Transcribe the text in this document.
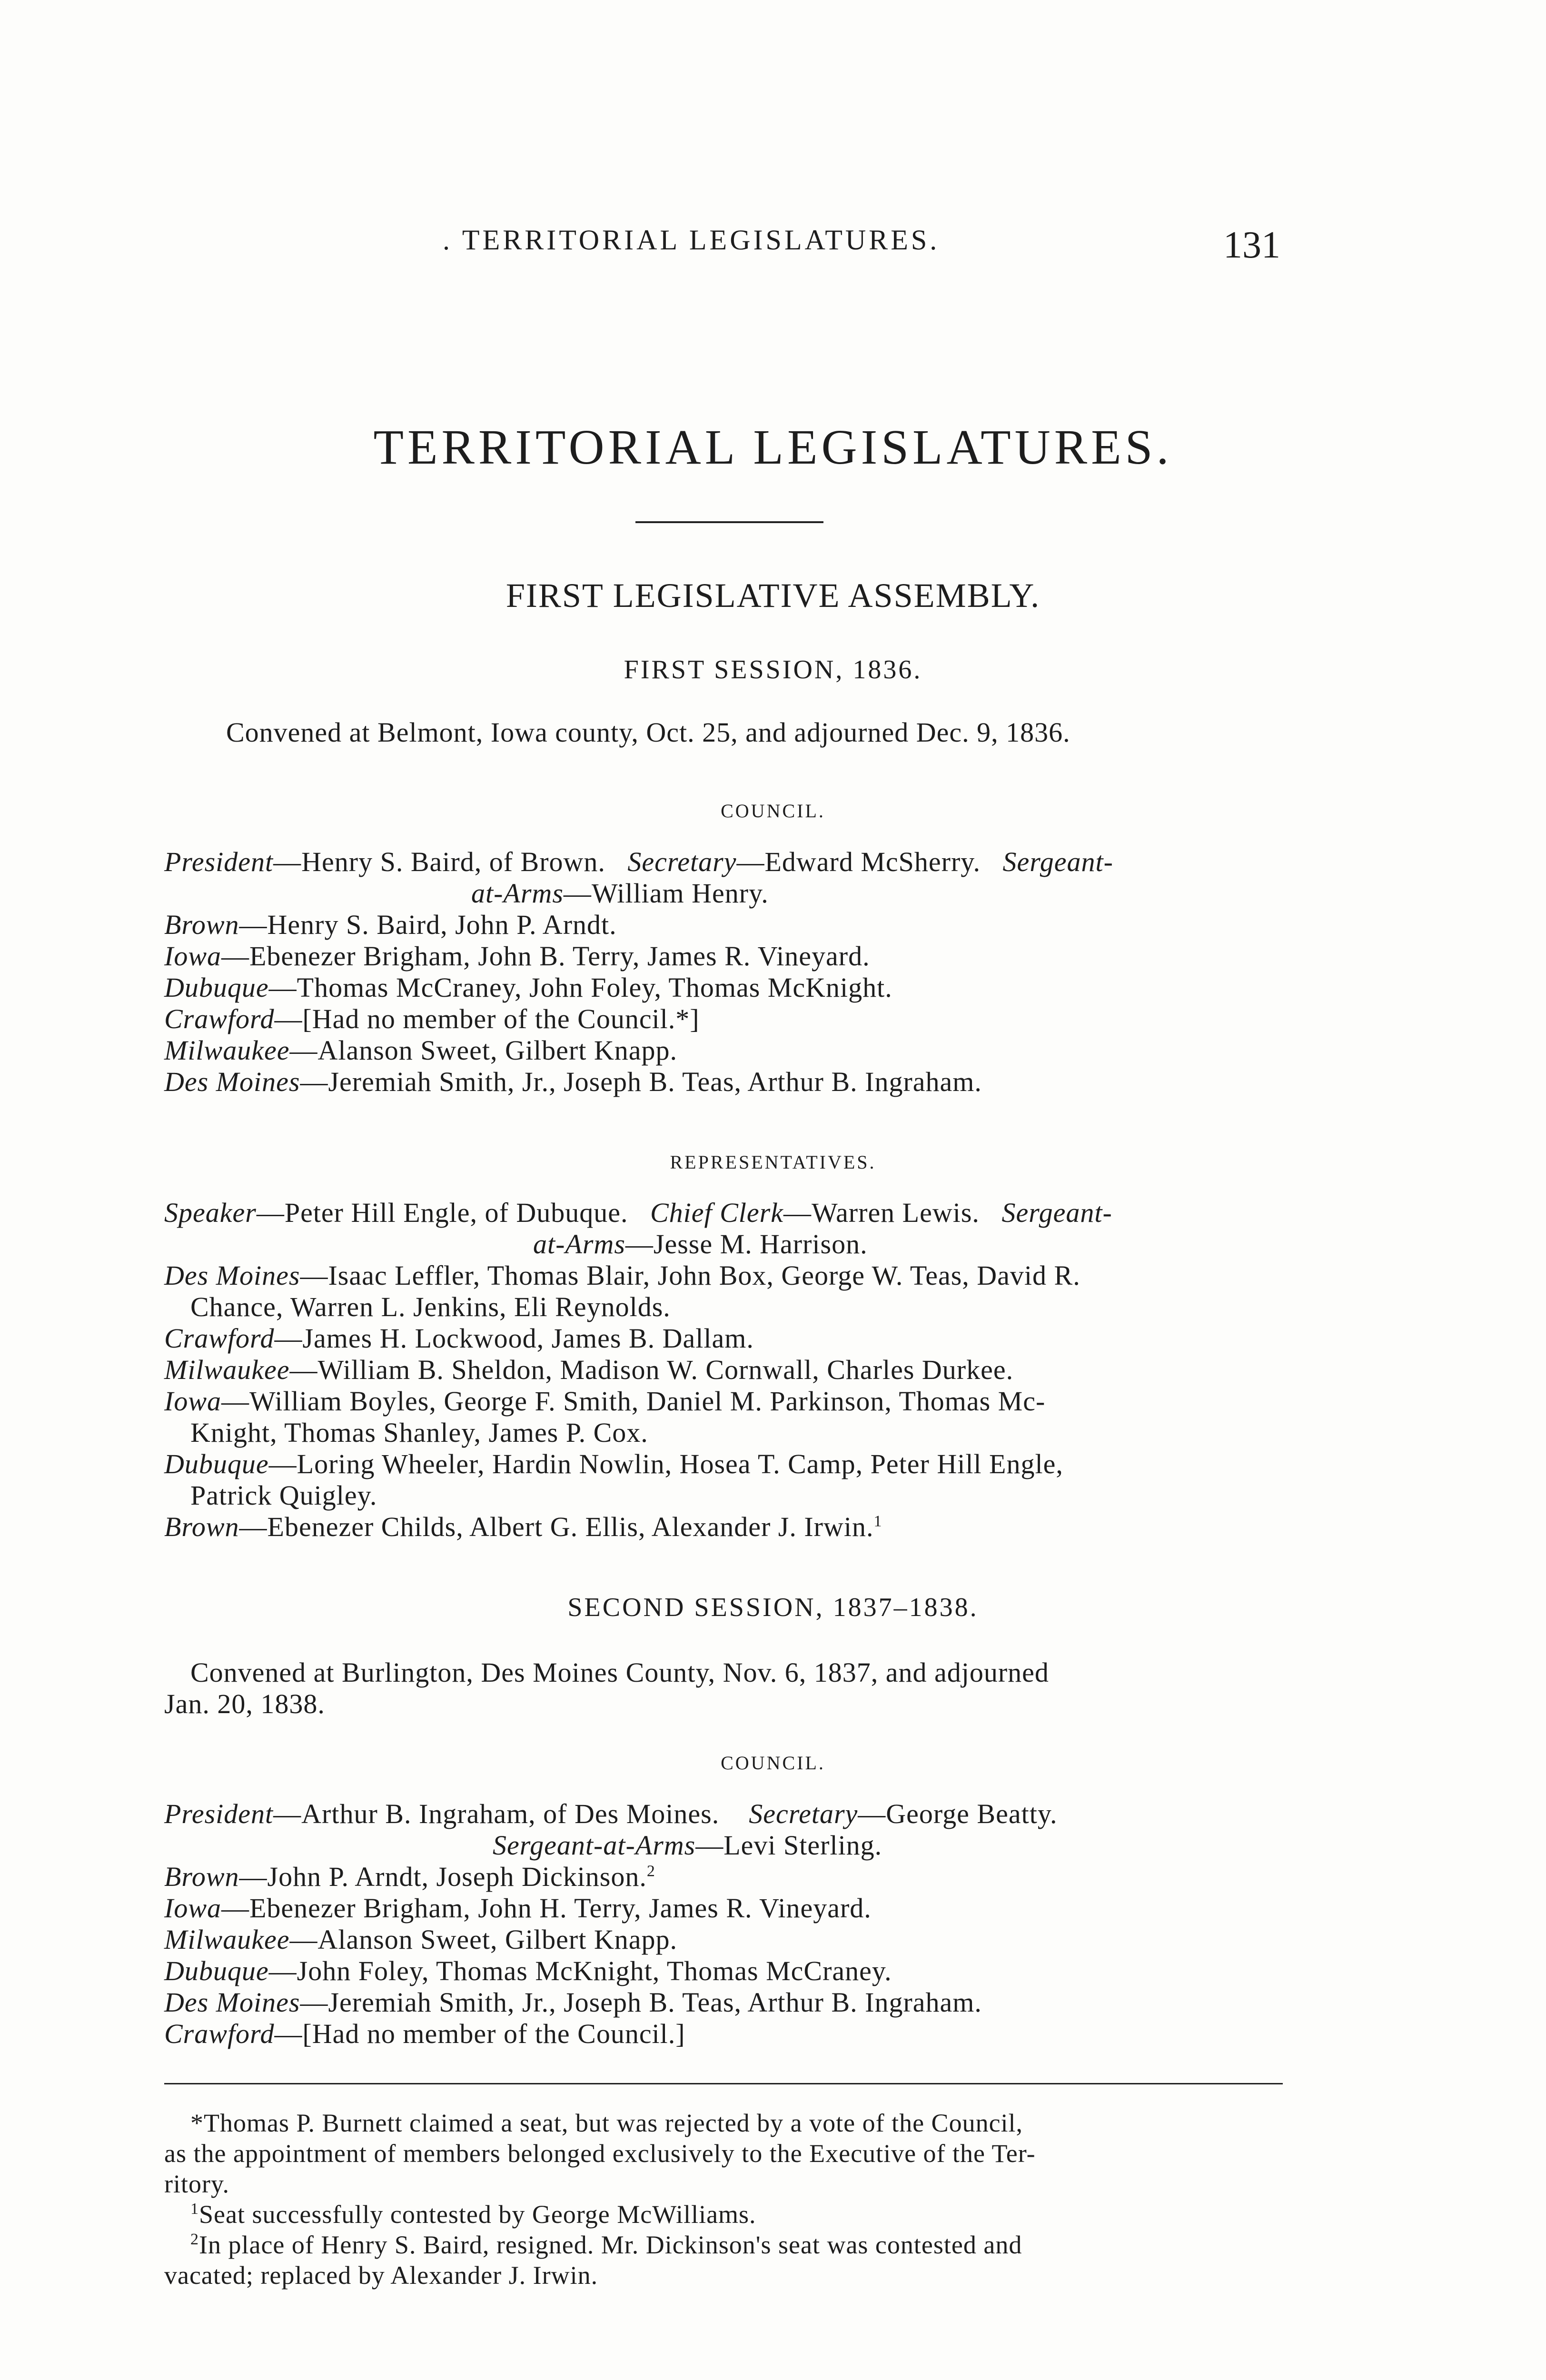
. TERRITORIAL LEGISLATURES.	131
TERRITORIAL LEGISLATURES.
FIRST LEGISLATIVE ASSEMBLY.
FIRST SESSION, 1836.
Convened at Belmont, Iowa county, Oct. 25, and adjourned Dec. 9, 1836.
COUNCIL.
President—Henry S. Baird, of Brown. Secretary—Edward McSherry. Sergeant-
at-Arms—William Henry.
Brown—Henry S. Baird, John P. Arndt.
Iowa—Ebenezer Brigham, John B. Terry, James R. Vineyard.
Dubuque—Thomas McCraney, John Foley, Thomas McKnight.
Crawford—[Had no member of the Council.*]
Milwaukee—Alanson Sweet, Gilbert Knapp.
Des Moines—Jeremiah Smith, Jr., Joseph B. Teas, Arthur B. Ingraham.
REPRESENTATIVES.
Speaker—Peter Hill Engle, of Dubuque. Chief Clerk—Warren Lewis. Sergeant-
at-Arms—Jesse M. Harrison.
Des Moines—Isaac Leffler, Thomas Blair, John Box, George W. Teas, David R.
Chance, Warren L. Jenkins, Eli Reynolds.
Crawford—James H. Lockwood, James B. Dallam.
Milwaukee—William B. Sheldon, Madison W. Cornwall, Charles Durkee.
Iowa—William Boyles, George F. Smith, Daniel M. Parkinson, Thomas Mc-
Knight, Thomas Shanley, James P. Cox.
Dubuque—Loring Wheeler, Hardin Nowlin, Hosea T. Camp, Peter Hill Engle,
Patrick Quigley.
Brown—Ebenezer Childs, Albert G. Ellis, Alexander J. Irwin.$^1$
SECOND SESSION, 1837–1838.
Convened at Burlington, Des Moines County, Nov. 6, 1837, and adjourned
Jan. 20, 1838.
COUNCIL.
President—Arthur B. Ingraham, of Des Moines. Secretary—George Beatty.
Sergeant-at-Arms—Levi Sterling.
Brown—John P. Arndt, Joseph Dickinson.$^2$
Iowa—Ebenezer Brigham, John H. Terry, James R. Vineyard.
Milwaukee—Alanson Sweet, Gilbert Knapp.
Dubuque—John Foley, Thomas McKnight, Thomas McCraney.
Des Moines—Jeremiah Smith, Jr., Joseph B. Teas, Arthur B. Ingraham.
Crawford—[Had no member of the Council.]
*Thomas P. Burnett claimed a seat, but was rejected by a vote of the Council,
as the appointment of members belonged exclusively to the Executive of the Ter-
ritory.
$^1$Seat successfully contested by George McWilliams.
$^2$In place of Henry S. Baird, resigned. Mr. Dickinson's seat was contested and
vacated; replaced by Alexander J. Irwin.
